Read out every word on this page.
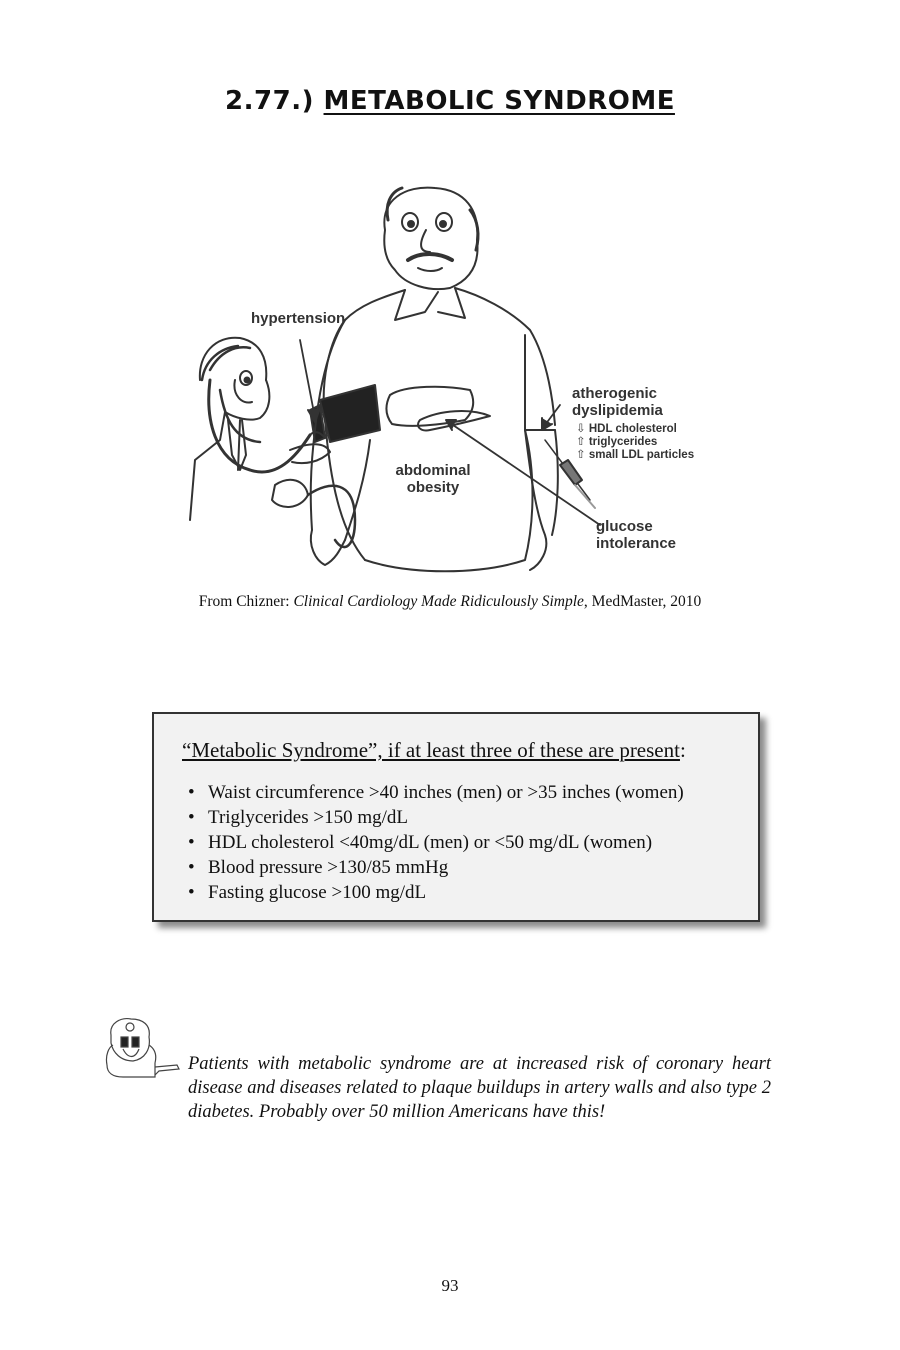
2.77.) METABOLIC SYNDROME
hypertension
abdominal
obesity
atherogenic
dyslipidemia
⇩ HDL cholesterol
⇧ triglycerides
⇧ small LDL particles
glucose
intolerance
From Chizner: Clinical Cardiology Made Ridiculously Simple, MedMaster, 2010
“Metabolic Syndrome”, if at least three of these are present:
• Waist circumference >40 inches (men) or >35 inches (women)
• Triglycerides >150 mg/dL
• HDL cholesterol <40mg/dL (men) or <50 mg/dL (women)
• Blood pressure >130/85 mmHg
• Fasting glucose >100 mg/dL
Patients with metabolic syndrome are at increased risk of coronary heart disease and diseases related to plaque buildups in artery walls and also type 2 diabetes. Probably over 50 million Americans have this!
93
